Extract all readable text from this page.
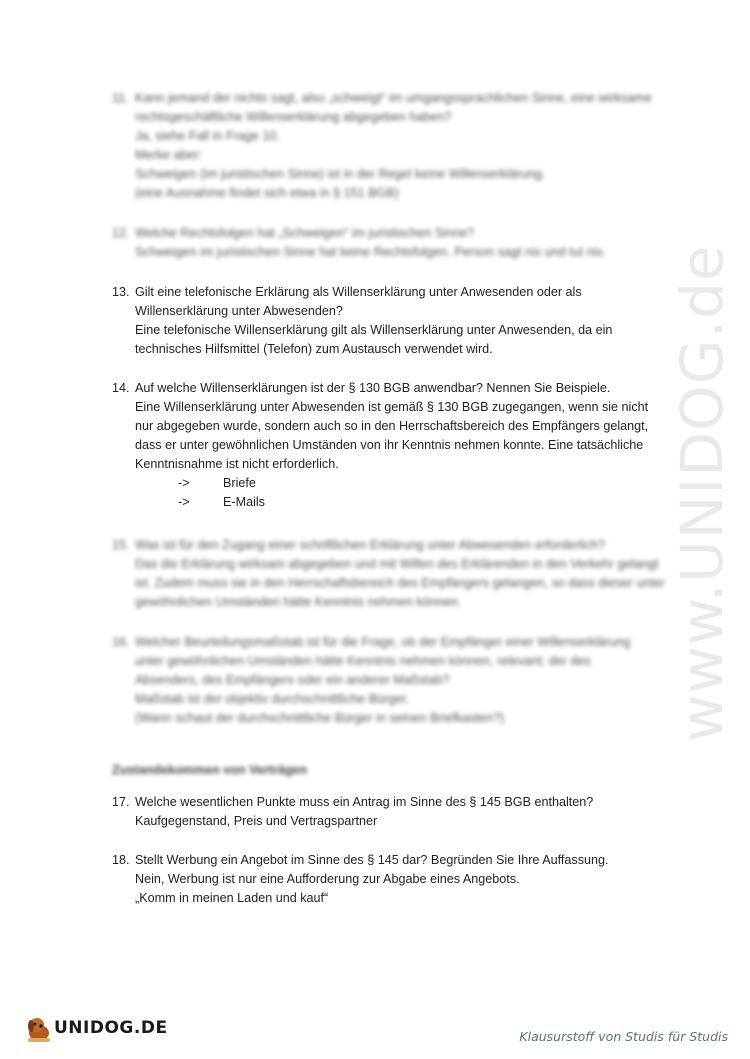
www.UNIDOG.de
11. Kann jemand der nichts sagt, also „schweigt“ im umgangssprachlichen Sinne, eine wirksame
rechtsgeschäftliche Willenserklärung abgegeben haben?
Ja, siehe Fall in Frage 10.
Merke aber:
Schweigen (im juristischen Sinne) ist in der Regel keine Willenserklärung.
(eine Ausnahme findet sich etwa in § 151 BGB)
12. Welche Rechtsfolgen hat „Schweigen“ im juristischen Sinne?
Schweigen im juristischen Sinne hat keine Rechtsfolgen. Person sagt nix und tut nix.
13. Gilt eine telefonische Erklärung als Willenserklärung unter Anwesenden oder als
Willenserklärung unter Abwesenden?
Eine telefonische Willenserklärung gilt als Willenserklärung unter Anwesenden, da ein
technisches Hilfsmittel (Telefon) zum Austausch verwendet wird.
14. Auf welche Willenserklärungen ist der § 130 BGB anwendbar? Nennen Sie Beispiele.
Eine Willenserklärung unter Abwesenden ist gemäß § 130 BGB zugegangen, wenn sie nicht
nur abgegeben wurde, sondern auch so in den Herrschaftsbereich des Empfängers gelangt,
dass er unter gewöhnlichen Umständen von ihr Kenntnis nehmen konnte. Eine tatsächliche
Kenntnisnahme ist nicht erforderlich.
->	Briefe
->	E-Mails
15. Was ist für den Zugang einer schriftlichen Erklärung unter Abwesenden erforderlich?
Das die Erklärung wirksam abgegeben und mit Willen des Erklärenden in den Verkehr gelangt
ist. Zudem muss sie in den Herrschaftsbereich des Empfängers gelangen, so dass dieser unter
gewöhnlichen Umständen hätte Kenntnis nehmen können.
16. Welcher Beurteilungsmaßstab ist für die Frage, ob der Empfänger einer Willenserklärung
unter gewöhnlichen Umständen hätte Kenntnis nehmen können, relevant; der des
Absenders, des Empfängers oder ein anderer Maßstab?
Maßstab ist der objektiv durchschnittliche Bürger.
(Wann schaut der durchschnittliche Bürger in seinen Briefkasten?)
Zustandekommen von Verträgen
17. Welche wesentlichen Punkte muss ein Antrag im Sinne des § 145 BGB enthalten?
Kaufgegenstand, Preis und Vertragspartner
18. Stellt Werbung ein Angebot im Sinne des § 145 dar? Begründen Sie Ihre Auffassung.
Nein, Werbung ist nur eine Aufforderung zur Abgabe eines Angebots.
„Komm in meinen Laden und kauf“
UNIDOG.DE	Klausurstoff von Studis für Studis
